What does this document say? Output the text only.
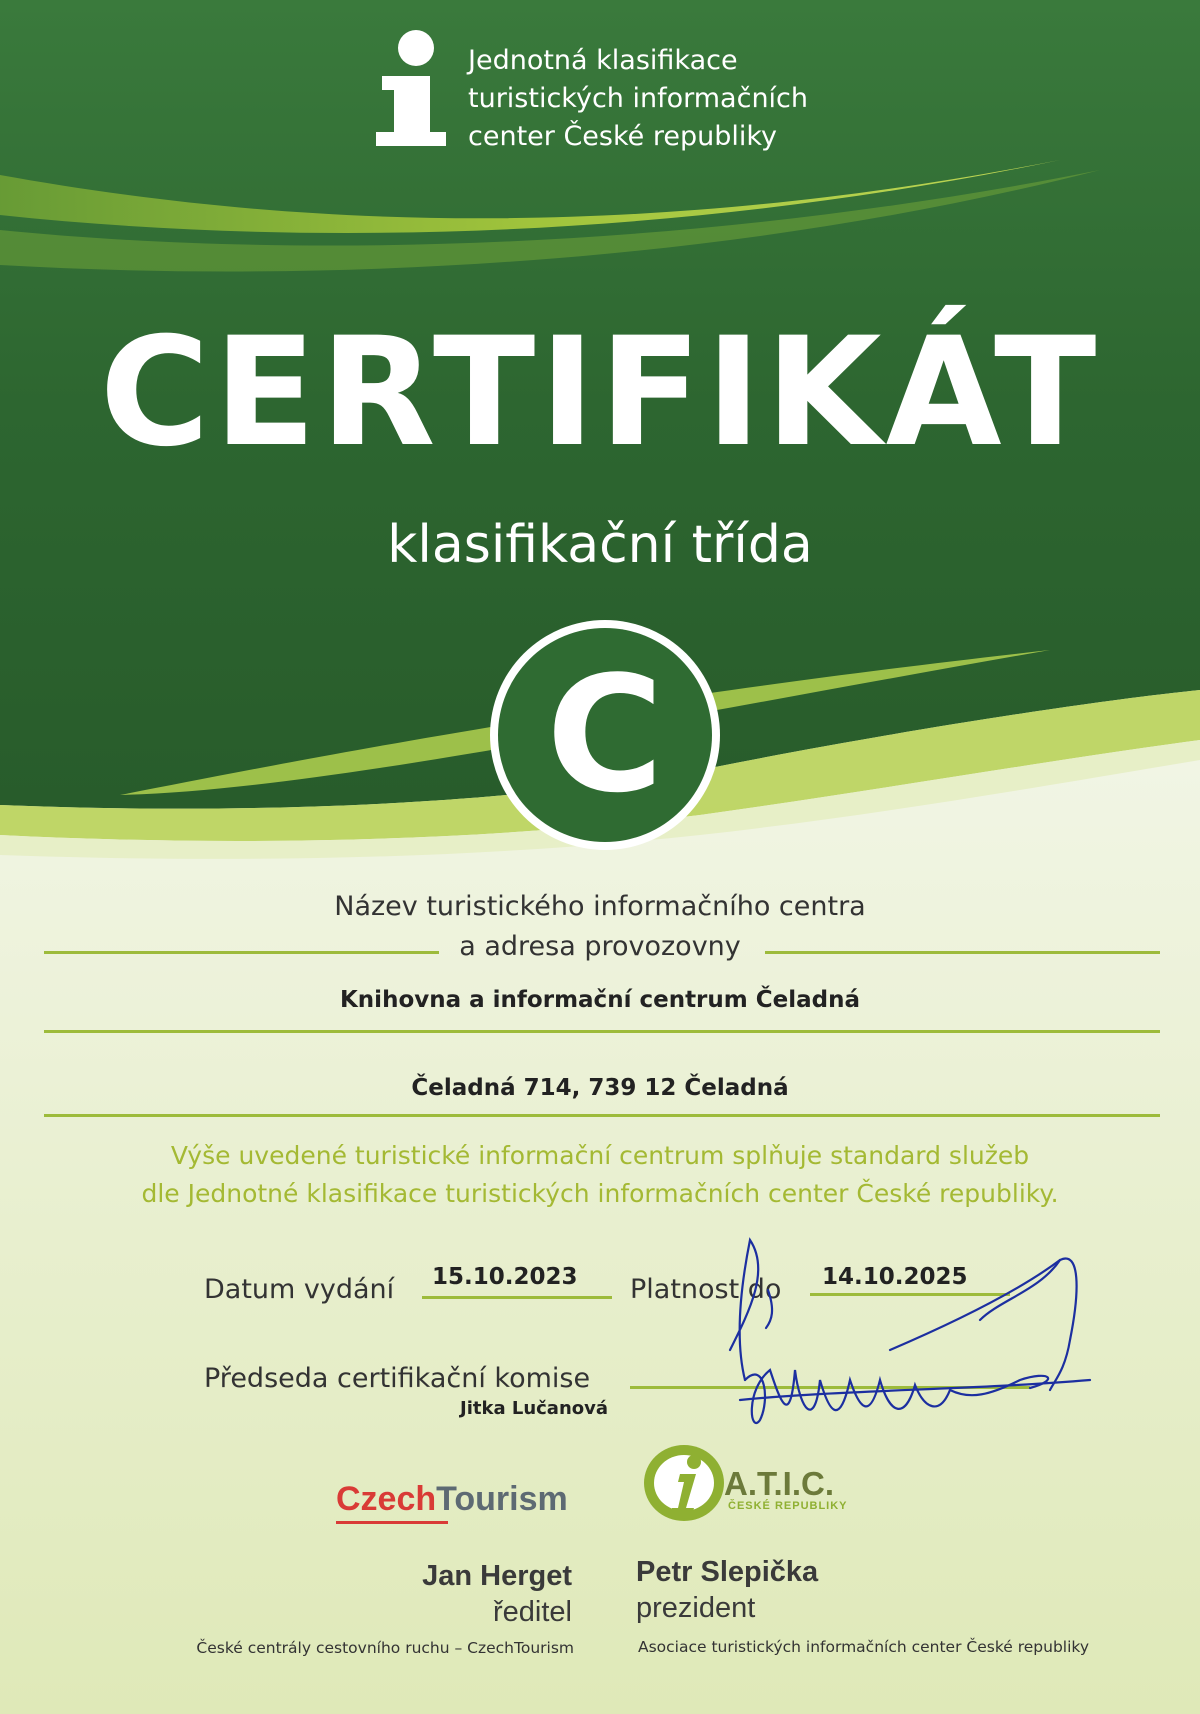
Jednotná klasifikace
turistických informačních
center České republiky
CERTIFIKÁT
klasifikační třída
C
Název turistického informačního centra
a adresa provozovny
Knihovna a informační centrum Čeladná
Čeladná 714, 739 12 Čeladná
Výše uvedené turistické informační centrum splňuje standard služeb
dle Jednotné klasifikace turistických informačních center České republiky.
Datum vydání 15.10.2023 Platnost do 14.10.2025
Předseda certifikační komise
Jitka Lučanová
CzechTourism	A.T.I.C.
ČESKÉ REPUBLIKY
Jan Herget
ředitel
České centrály cestovního ruchu – CzechTourism
Petr Slepička
prezident
Asociace turistických informačních center České republiky
